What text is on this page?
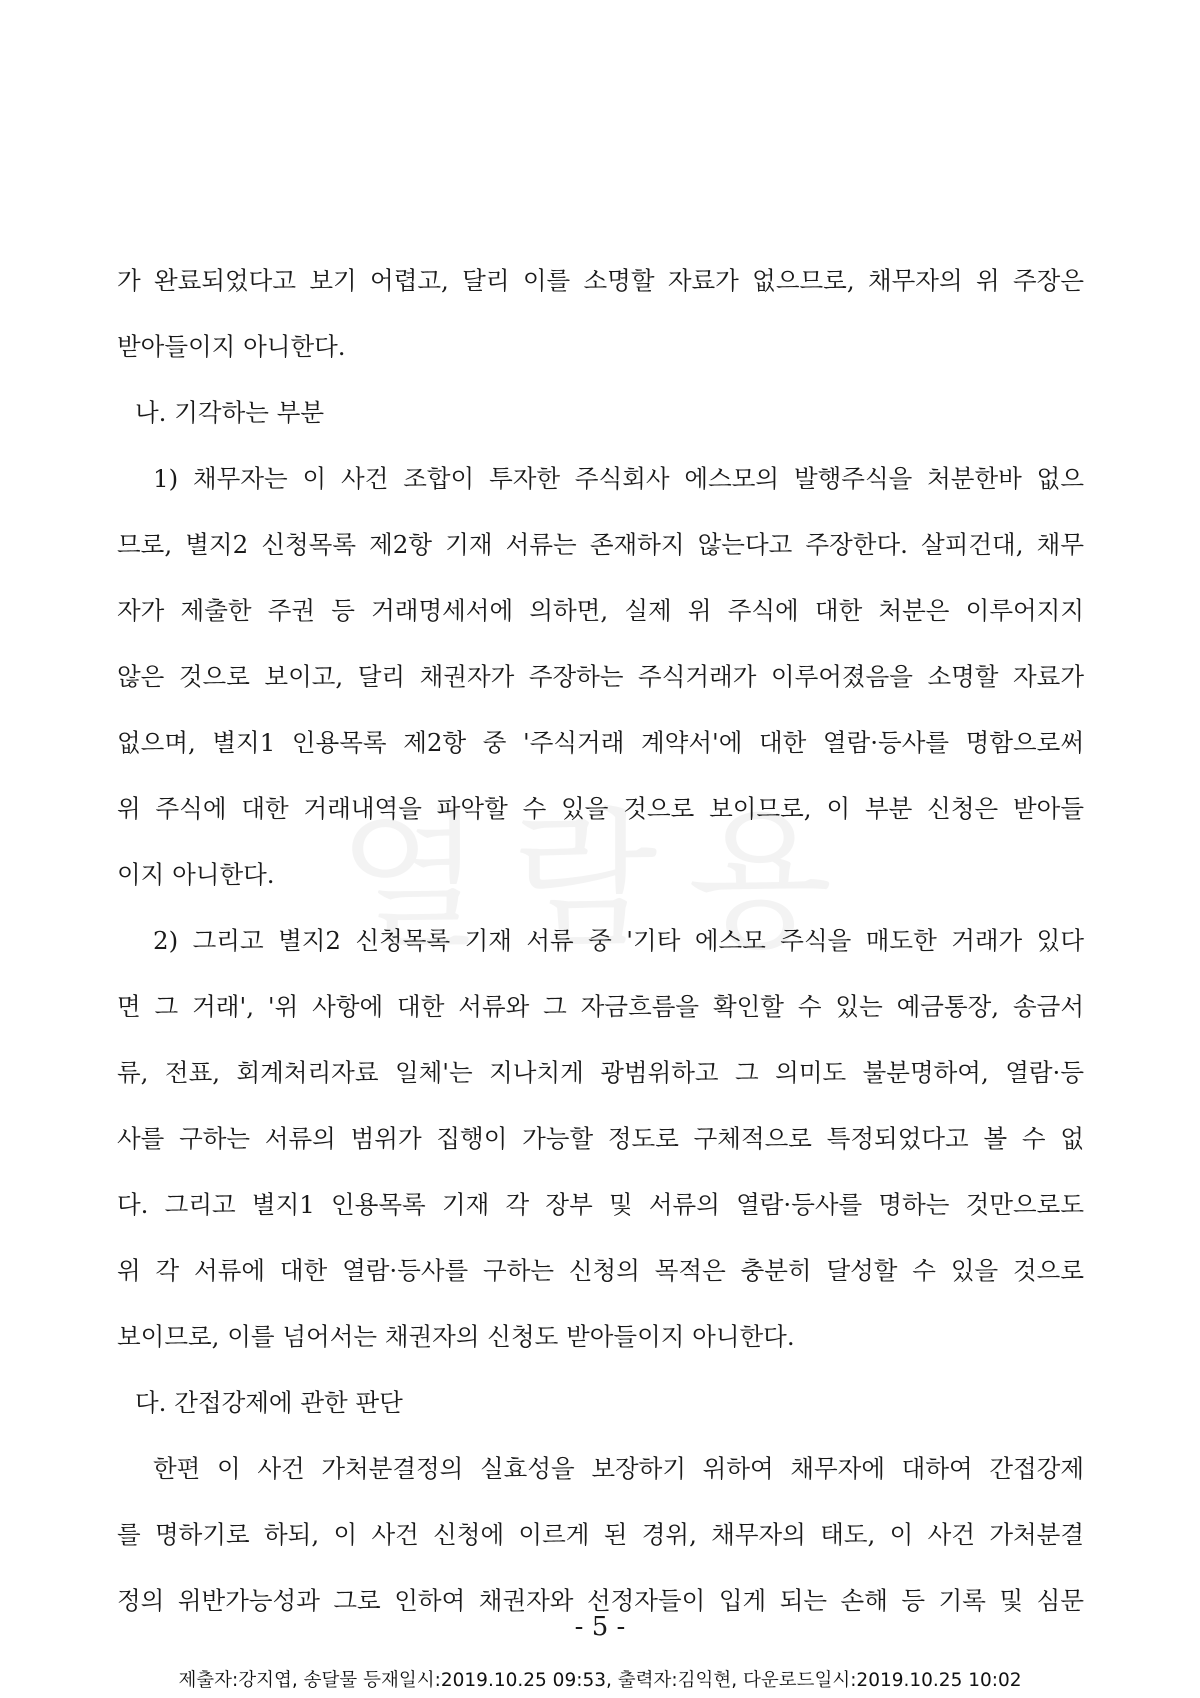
가 완료되었다고 보기 어렵고, 달리 이를 소명할 자료가 없으므로, 채무자의 위 주장은
받아들이지 아니한다.
나. 기각하는 부분
1) 채무자는 이 사건 조합이 투자한 주식회사 에스모의 발행주식을 처분한바 없으
므로, 별지2 신청목록 제2항 기재 서류는 존재하지 않는다고 주장한다. 살피건대, 채무
자가 제출한 주권 등 거래명세서에 의하면, 실제 위 주식에 대한 처분은 이루어지지
않은 것으로 보이고, 달리 채권자가 주장하는 주식거래가 이루어졌음을 소명할 자료가
없으며, 별지1 인용목록 제2항 중 '주식거래 계약서'에 대한 열람·등사를 명함으로써
위 주식에 대한 거래내역을 파악할 수 있을 것으로 보이므로, 이 부분 신청은 받아들
이지 아니한다.
2) 그리고 별지2 신청목록 기재 서류 중 '기타 에스모 주식을 매도한 거래가 있다
면 그 거래', '위 사항에 대한 서류와 그 자금흐름을 확인할 수 있는 예금통장, 송금서
류, 전표, 회계처리자료 일체'는 지나치게 광범위하고 그 의미도 불분명하여, 열람·등
사를 구하는 서류의 범위가 집행이 가능할 정도로 구체적으로 특정되었다고 볼 수 없
다. 그리고 별지1 인용목록 기재 각 장부 및 서류의 열람·등사를 명하는 것만으로도
위 각 서류에 대한 열람·등사를 구하는 신청의 목적은 충분히 달성할 수 있을 것으로
보이므로, 이를 넘어서는 채권자의 신청도 받아들이지 아니한다.
다. 간접강제에 관한 판단
한편 이 사건 가처분결정의 실효성을 보장하기 위하여 채무자에 대하여 간접강제
를 명하기로 하되, 이 사건 신청에 이르게 된 경위, 채무자의 태도, 이 사건 가처분결
정의 위반가능성과 그로 인하여 채권자와 선정자들이 입게 되는 손해 등 기록 및 심문
- 5 -
제출자:강지엽, 송달물 등재일시:2019.10.25 09:53, 출력자:김익현, 다운로드일시:2019.10.25 10:02
